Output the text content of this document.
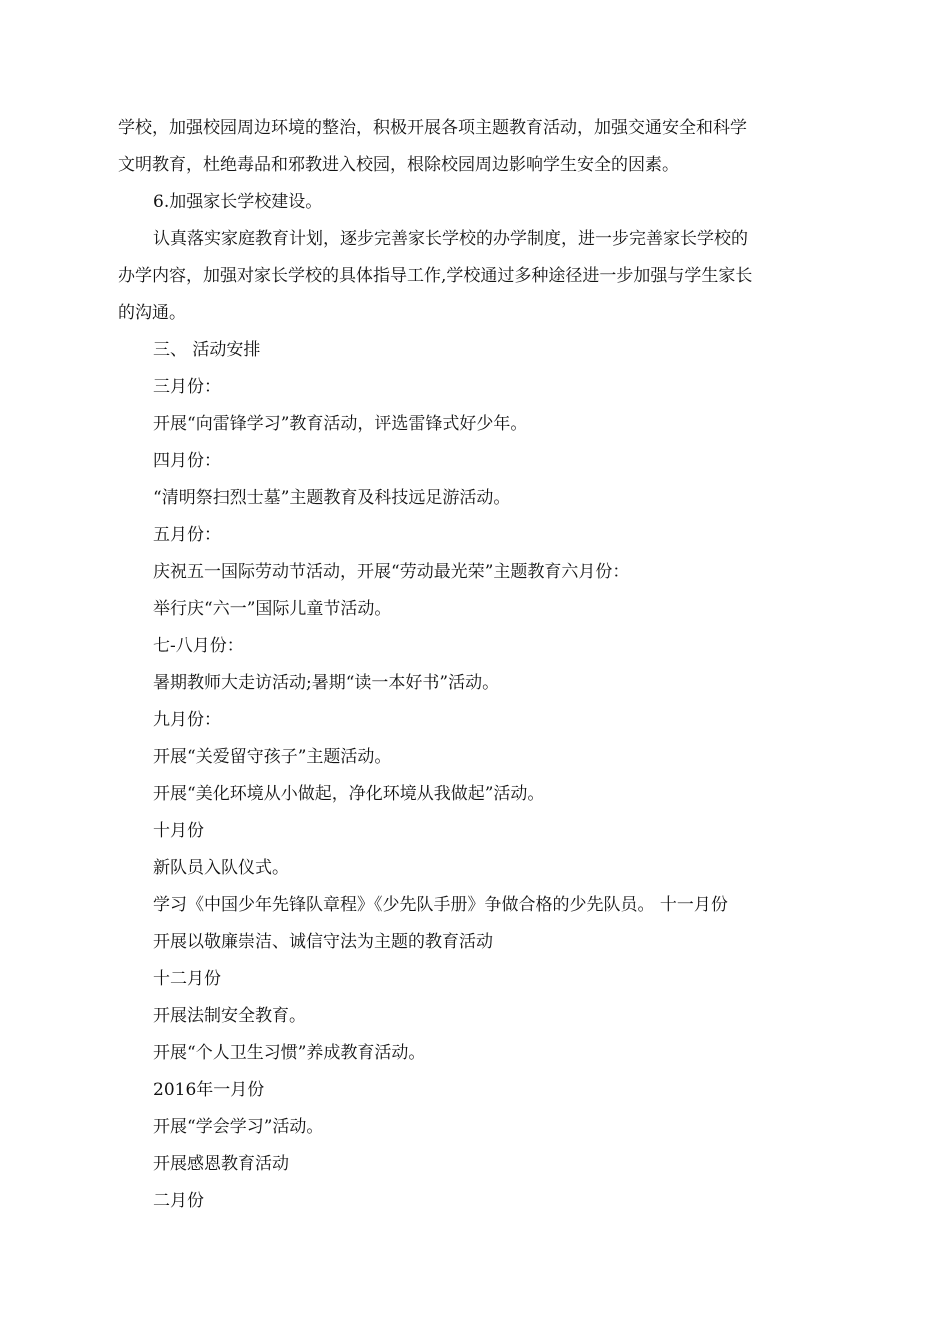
学校，加强校园周边环境的整治，积极开展各项主题教育活动，加强交通安全和科学
文明教育，杜绝毒品和邪教进入校园，根除校园周边影响学生安全的因素。
6.加强家长学校建设。
认真落实家庭教育计划，逐步完善家长学校的办学制度，进一步完善家长学校的
办学内容，加强对家长学校的具体指导工作,学校通过多种途径进一步加强与学生家长
的沟通。
三、 活动安排
三月份：
开展“向雷锋学习”教育活动，评选雷锋式好少年。
四月份：
“清明祭扫烈士墓”主题教育及科技远足游活动。
五月份：
庆祝五一国际劳动节活动，开展“劳动最光荣”主题教育六月份：
举行庆“六一”国际儿童节活动。
七-八月份：
暑期教师大走访活动;暑期“读一本好书”活动。
九月份：
开展“关爱留守孩子”主题活动。
开展“美化环境从小做起，净化环境从我做起”活动。
十月份
新队员入队仪式。
学习《中国少年先锋队章程》《少先队手册》争做合格的少先队员。 十一月份
开展以敬廉崇洁、诚信守法为主题的教育活动
十二月份
开展法制安全教育。
开展“个人卫生习惯”养成教育活动。
2016年一月份
开展“学会学习”活动。
开展感恩教育活动
二月份
